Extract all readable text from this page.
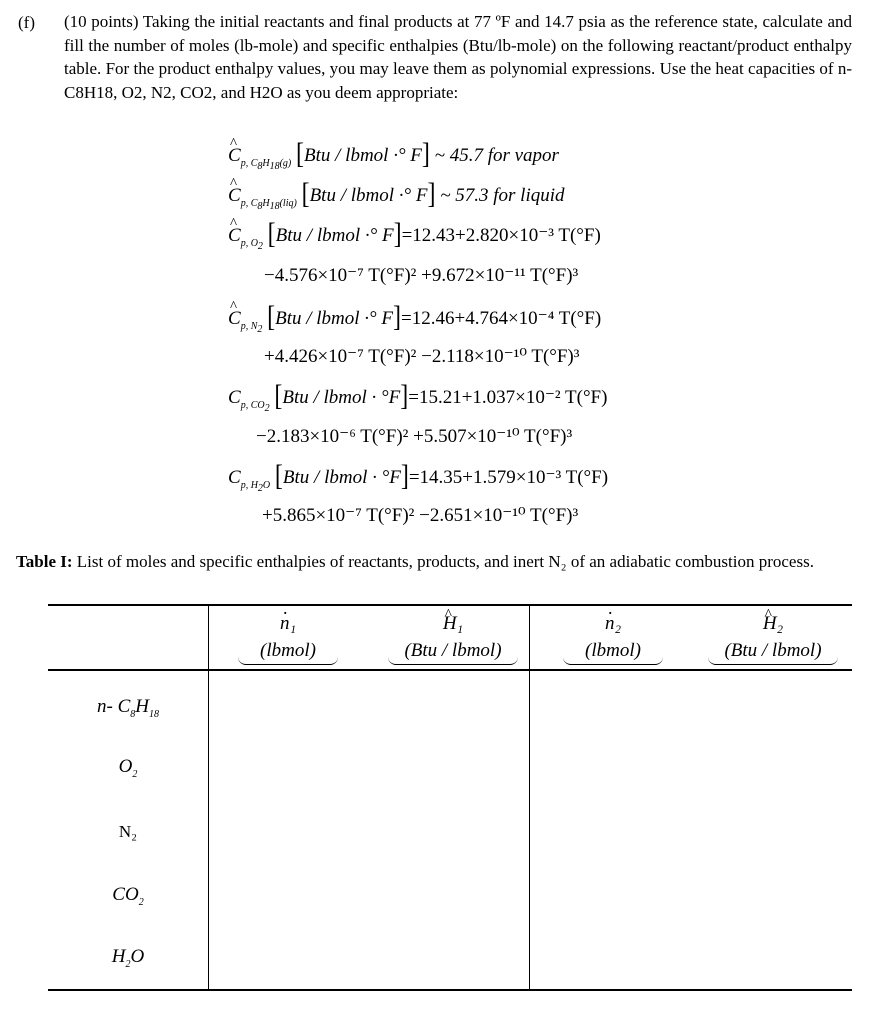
(f) (10 points) Taking the initial reactants and final products at 77 ºF and 14.7 psia as the reference state, calculate and fill the number of moles (lb-mole) and specific enthalpies (Btu/lb-mole) on the following reactant/product enthalpy table. For the product enthalpy values, you may leave them as polynomial expressions. Use the heat capacities of n-C8H18, O2, N2, CO2, and H2O as you deem appropriate:
^ $C_{p, C_8H_{18}(g)}$ [Btu / lbmol ·° F] ~ 45.7 for vapor
^ $C_{p, C_8H_{18}(liq)}$ [Btu / lbmol ·° F] ~ 57.3 for liquid
^ $C_{p, O_2}$ [Btu / lbmol ·° F]=12.43+2.820×10⁻³ T(°F)
−4.576×10⁻⁷ T(°F)² +9.672×10⁻¹¹ T(°F)³
^ $C_{p, N_2}$ [Btu / lbmol ·° F]=12.46+4.764×10⁻⁴ T(°F)
+4.426×10⁻⁷ T(°F)² −2.118×10⁻¹⁰ T(°F)³
$C_{p, CO_2}$ [Btu / lbmol · °F]=15.21+1.037×10⁻² T(°F)
−2.183×10⁻⁶ T(°F)² +5.507×10⁻¹⁰ T(°F)³
$C_{p, H_2O}$ [Btu / lbmol · °F]=14.35+1.579×10⁻³ T(°F)
+5.865×10⁻⁷ T(°F)² −2.651×10⁻¹⁰ T(°F)³
Table I: List of moles and specific enthalpies of reactants, products, and inert N₂ of an adiabatic combustion process.
. n₁
(lbmol)
^ H₁
(Btu / lbmol)
. n₂
(lbmol)
^ H₂
(Btu / lbmol)
n- $C_8H_{18}$
$O_2$
N₂
$CO_2$
$H_2O$
